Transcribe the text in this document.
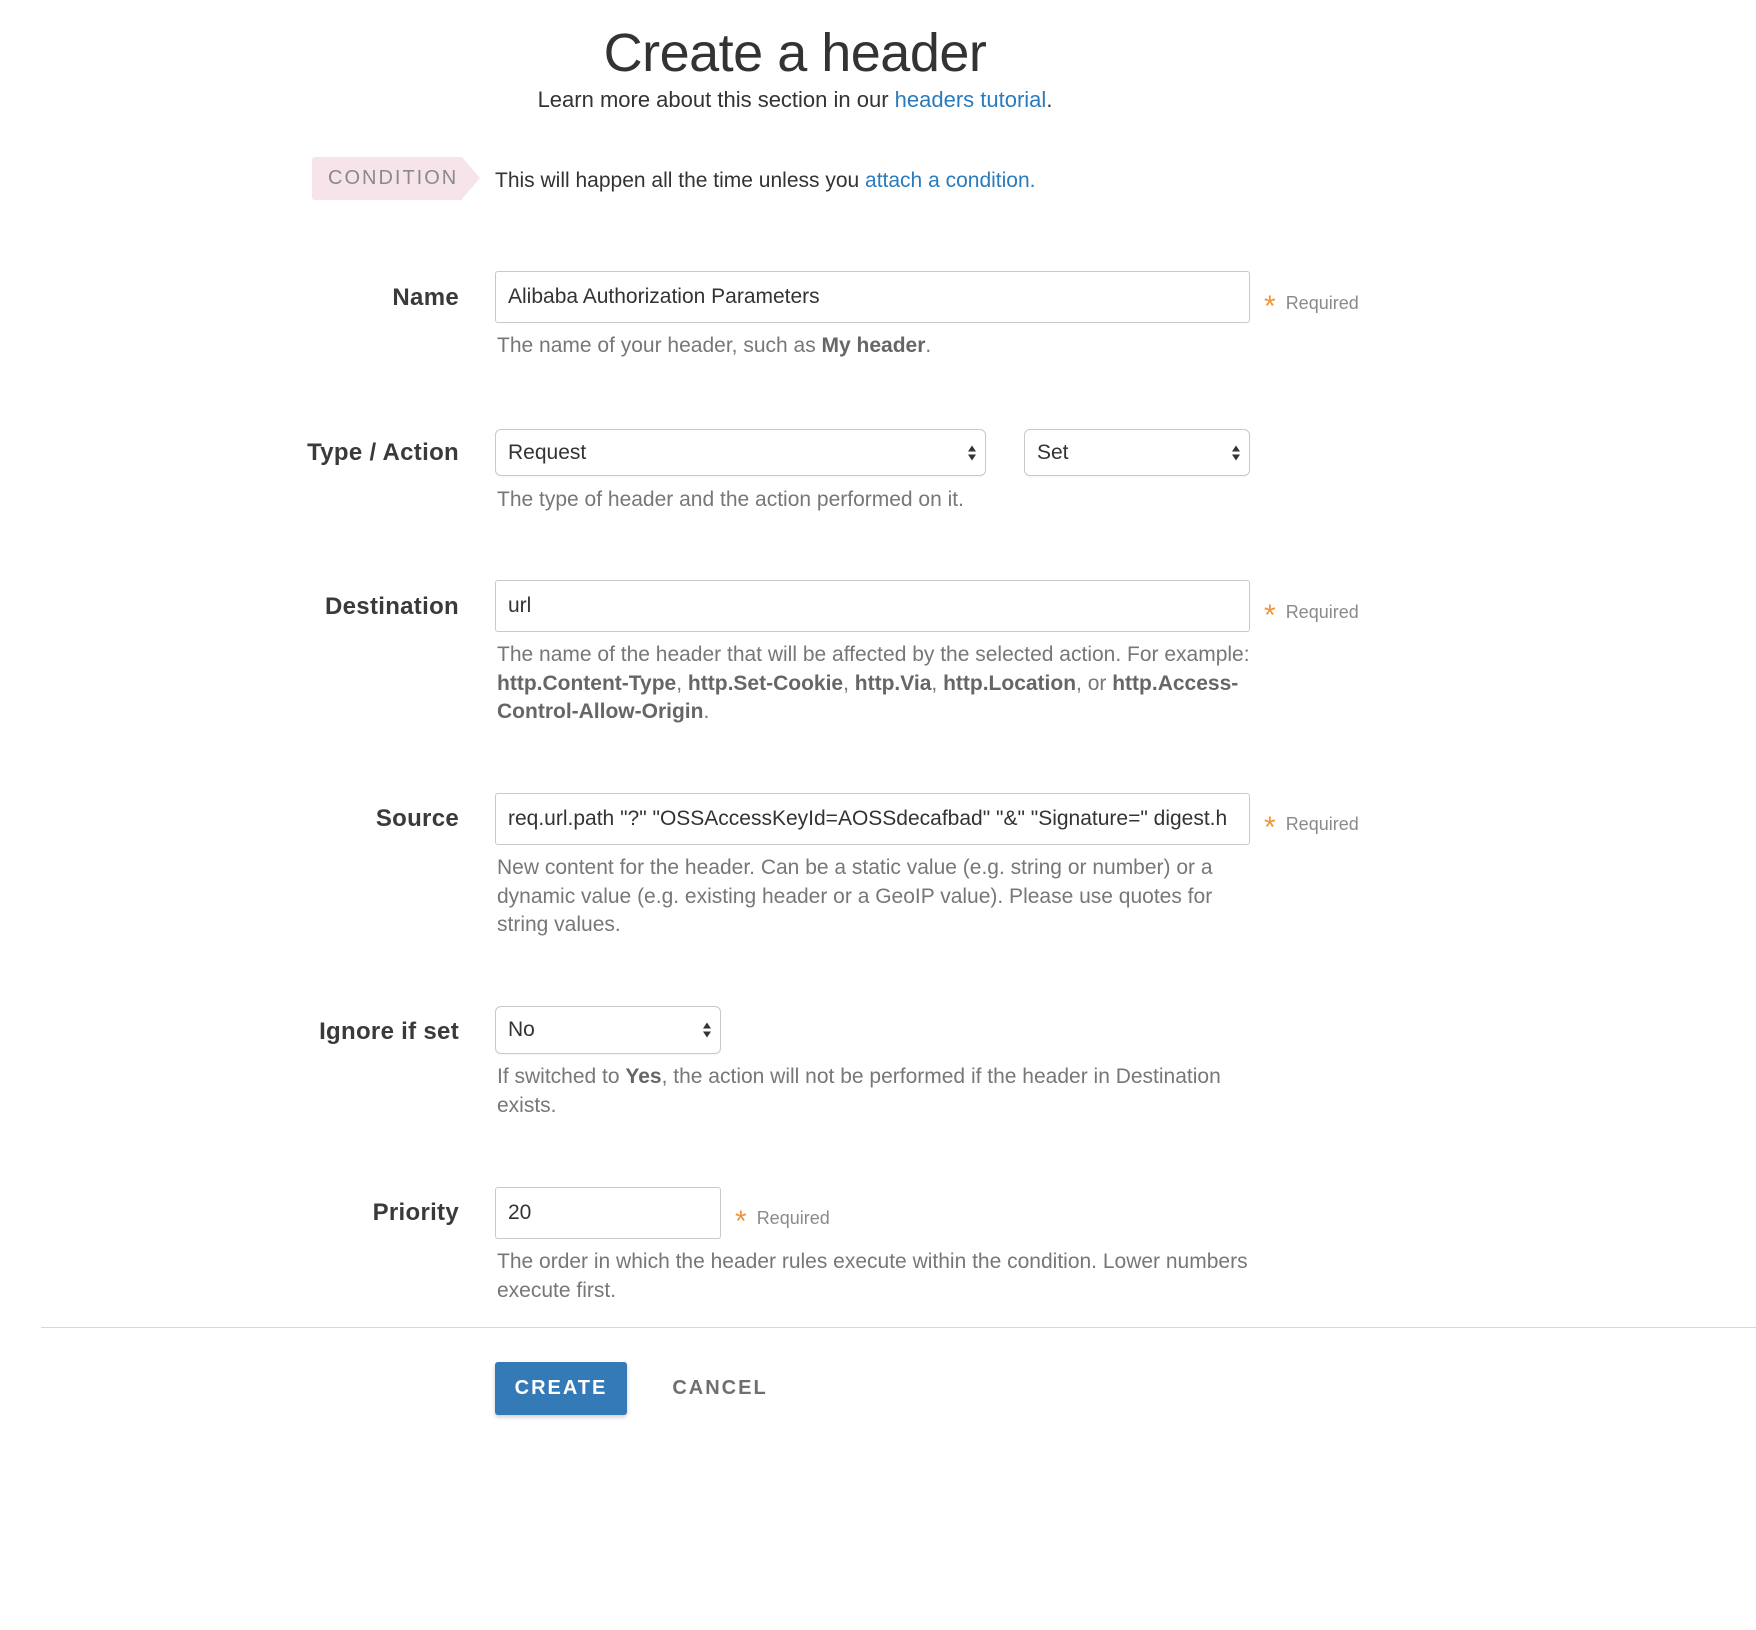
Create a header
Learn more about this section in our headers tutorial.
CONDITION This will happen all the time unless you attach a condition.
Name Alibaba Authorization Parameters	* Required
The name of your header, such as My header.
Type / Action Request	Set
The type of header and the action performed on it.
Destination url	* Required
The name of the header that will be affected by the selected action. For example: http.Content-Type, http.Set-Cookie, http.Via, http.Location, or http.Access-Control-Allow-Origin.
Source req.url.path "?" "OSSAccessKeyId=AOSSdecafbad" "&" "Signature=" digest.h * Required
New content for the header. Can be a static value (e.g. string or number) or a dynamic value (e.g. existing header or a GeoIP value). Please use quotes for string values.
Ignore if set No
If switched to Yes, the action will not be performed if the header in Destination exists.
Priority 20	* Required
The order in which the header rules execute within the condition. Lower numbers execute first.
CREATE	CANCEL
